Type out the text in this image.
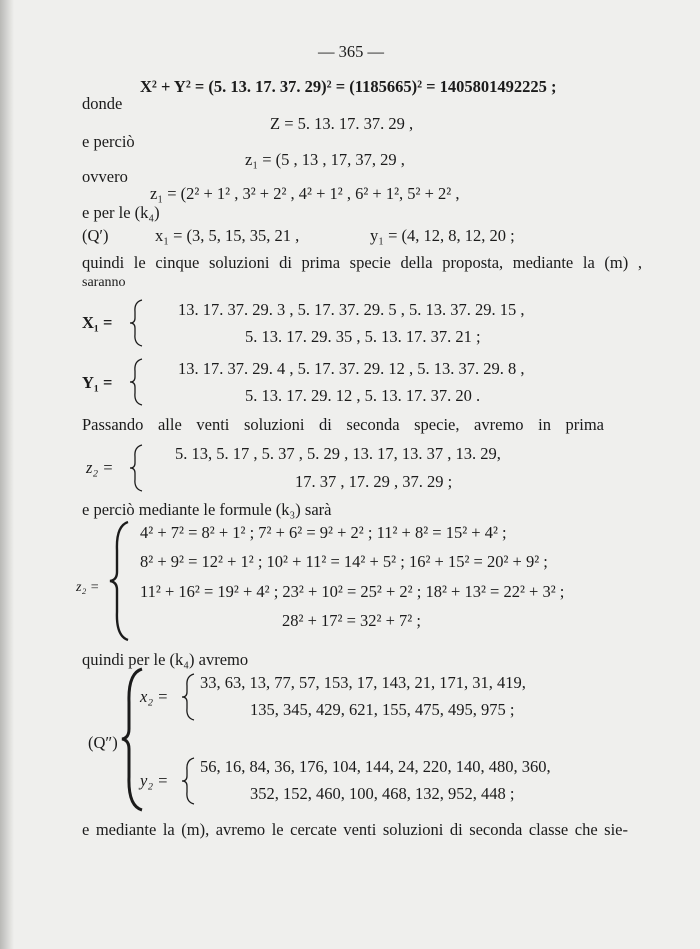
— 365 —
X² + Y² = (5. 13. 17. 37. 29)² = (1185665)² = 1405801492225 ;
donde
Z = 5. 13. 17. 37. 29 ,
e perciò
z₁ = (5 , 13 , 17, 37, 29 ,
ovvero
z₁ = (2² + 1² , 3² + 2² , 4² + 1² , 6² + 1², 5² + 2² ,
e per le (k₄)
(Q′)	x₁ = (3, 5, 15, 35, 21 ,	y₁ = (4, 12, 8, 12, 20 ;
quindi le cinque soluzioni di prima specie della proposta, mediante la (m) ,
saranno
X₁ =
13. 17. 37. 29. 3 , 5. 17. 37. 29. 5 , 5. 13. 37. 29. 15 ,
5. 13. 17. 29. 35 , 5. 13. 17. 37. 21 ;
Y₁ =
13. 17. 37. 29. 4 , 5. 17. 37. 29. 12 , 5. 13. 37. 29. 8 ,
5. 13. 17. 29. 12 , 5. 13. 17. 37. 20 .
Passando alle venti soluzioni di seconda specie, avremo in prima
z₂ =
5. 13, 5. 17 , 5. 37 , 5. 29 , 13. 17, 13. 37 , 13. 29,
17. 37 , 17. 29 , 37. 29 ;
e perciò mediante le formule (k₃) sarà
z₂ =
4² + 7² = 8² + 1² ; 7² + 6² = 9² + 2² ; 11² + 8² = 15² + 4² ;
8² + 9² = 12² + 1² ; 10² + 11² = 14² + 5² ; 16² + 15² = 20² + 9² ;
11² + 16² = 19² + 4² ; 23² + 10² = 25² + 2² ; 18² + 13² = 22² + 3² ;
28² + 17² = 32² + 7² ;
quindi per le (k₄) avremo
(Q″)
x₂ =
33, 63, 13, 77, 57, 153, 17, 143, 21, 171, 31, 419,
135, 345, 429, 621, 155, 475, 495, 975 ;
y₂ =
56, 16, 84, 36, 176, 104, 144, 24, 220, 140, 480, 360,
352, 152, 460, 100, 468, 132, 952, 448 ;
e mediante la (m), avremo le cercate venti soluzioni di seconda classe che sie-
